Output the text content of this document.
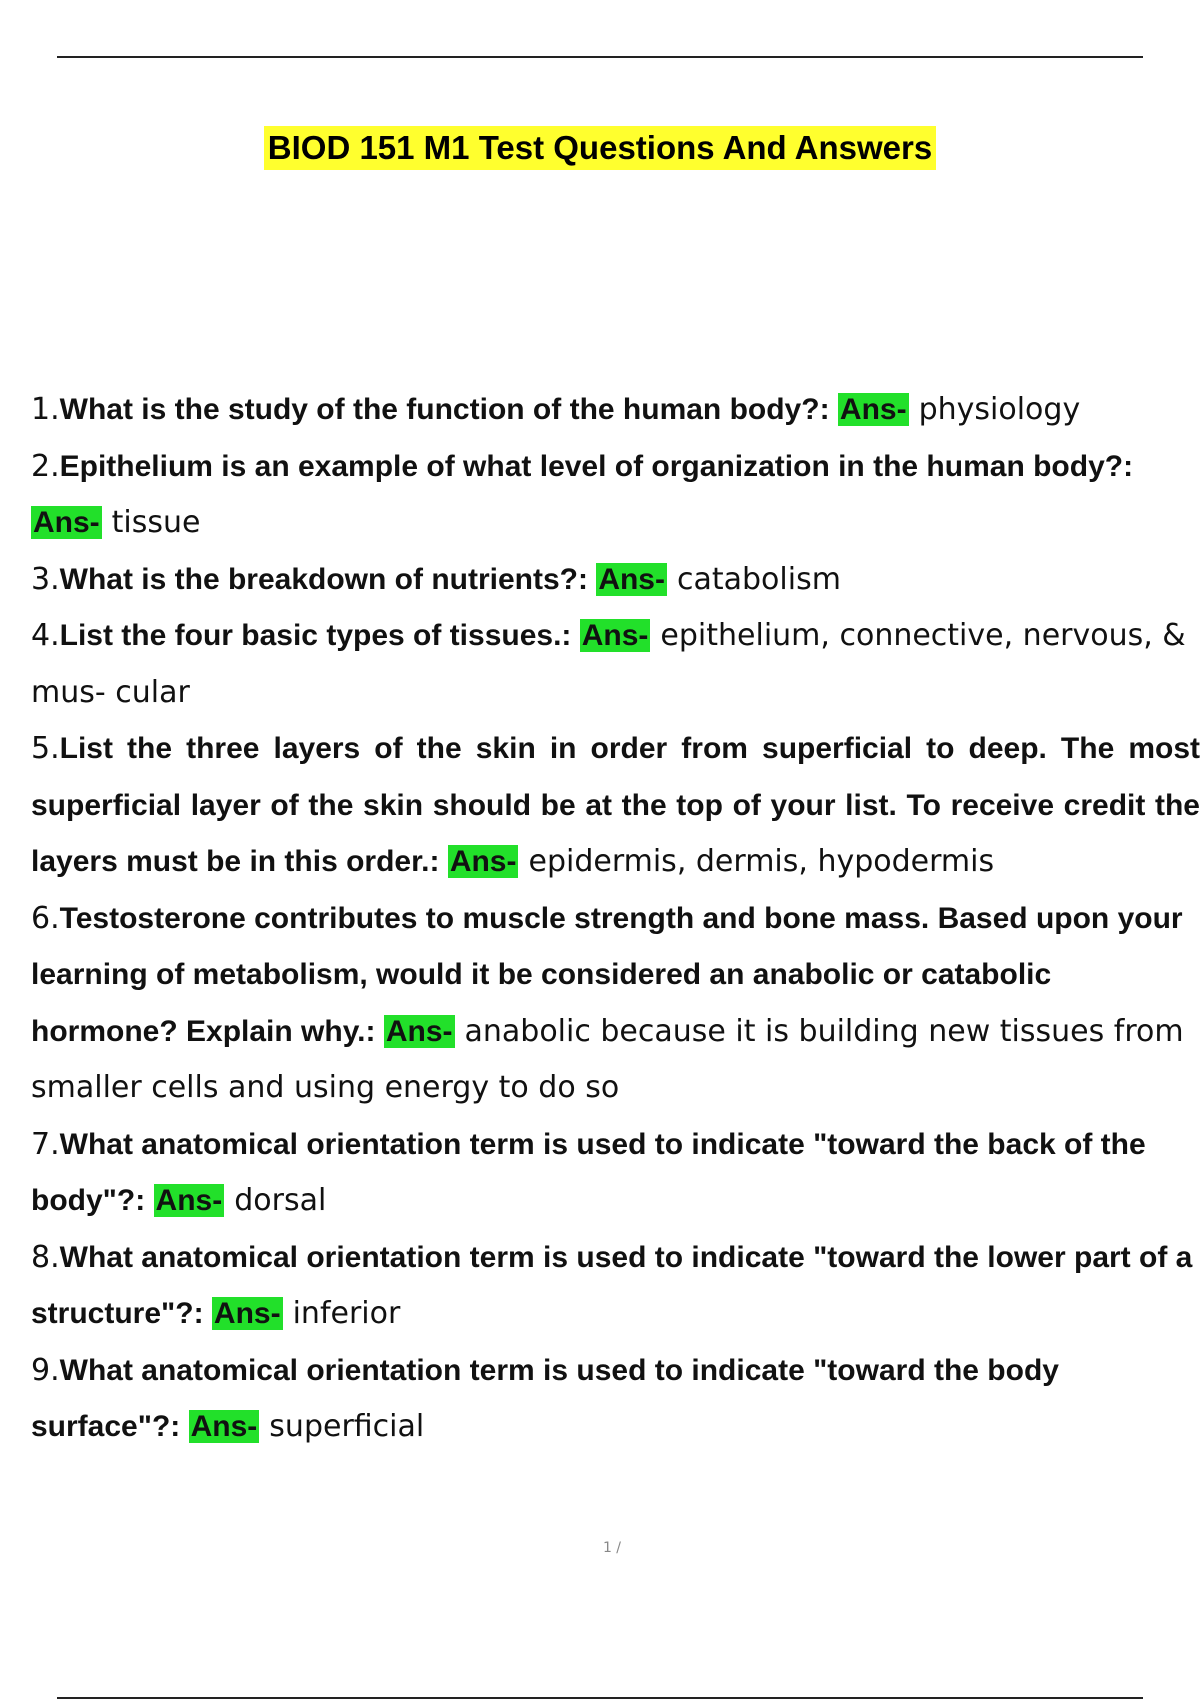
BIOD 151 M1 Test Questions And Answers
1.What is the study of the function of the human body?: Ans- physiology
2.Epithelium is an example of what level of organization in the human body?: Ans- tissue
3.What is the breakdown of nutrients?: Ans- catabolism
4.List the four basic types of tissues.: Ans- epithelium, connective, nervous, & mus- cular
5.List the three layers of the skin in order from superficial to deep. The most superficial layer of the skin should be at the top of your list. To receive credit the layers must be in this order.: Ans- epidermis, dermis, hypodermis
6.Testosterone contributes to muscle strength and bone mass. Based upon your learning of metabolism, would it be considered an anabolic or catabolic hormone? Explain why.: Ans- anabolic because it is building new tissues from smaller cells and using energy to do so
7.What anatomical orientation term is used to indicate "toward the back of the body"?: Ans- dorsal
8.What anatomical orientation term is used to indicate "toward the lower part of a structure"?: Ans- inferior
9.What anatomical orientation term is used to indicate "toward the body surface"?: Ans- superficial
1 /
